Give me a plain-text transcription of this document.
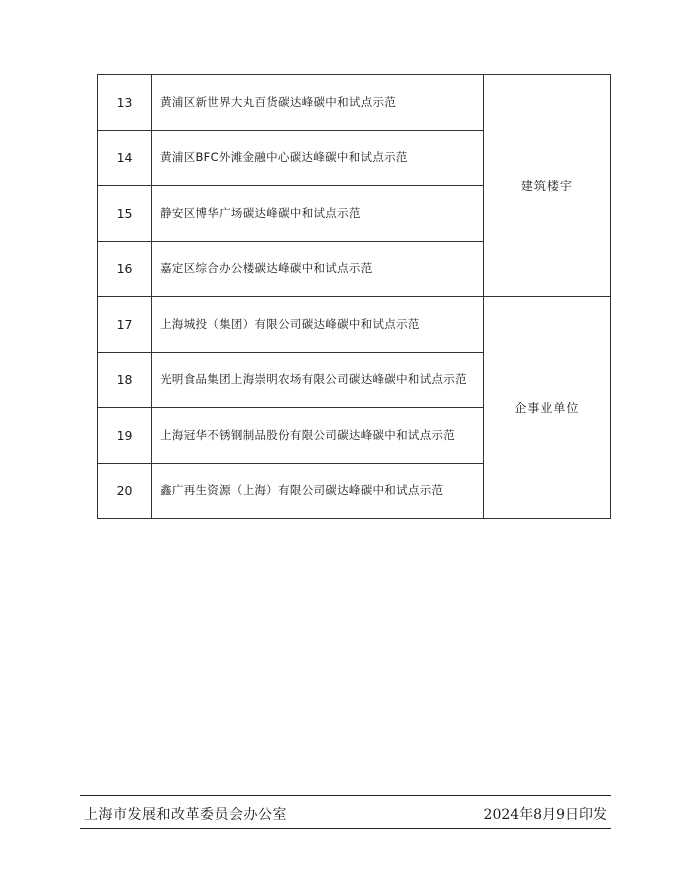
13	黄浦区新世界大丸百货碳达峰碳中和试点示范	建筑楼宇
14	黄浦区BFC外滩金融中心碳达峰碳中和试点示范	
15	静安区博华广场碳达峰碳中和试点示范	
16	嘉定区综合办公楼碳达峰碳中和试点示范	
17	上海城投（集团）有限公司碳达峰碳中和试点示范	企事业单位
18	光明食品集团上海崇明农场有限公司碳达峰碳中和试点示范	
19	上海冠华不锈钢制品股份有限公司碳达峰碳中和试点示范	
20	鑫广再生资源（上海）有限公司碳达峰碳中和试点示范	
上海市发展和改革委员会办公室	2024年8月9日印发
